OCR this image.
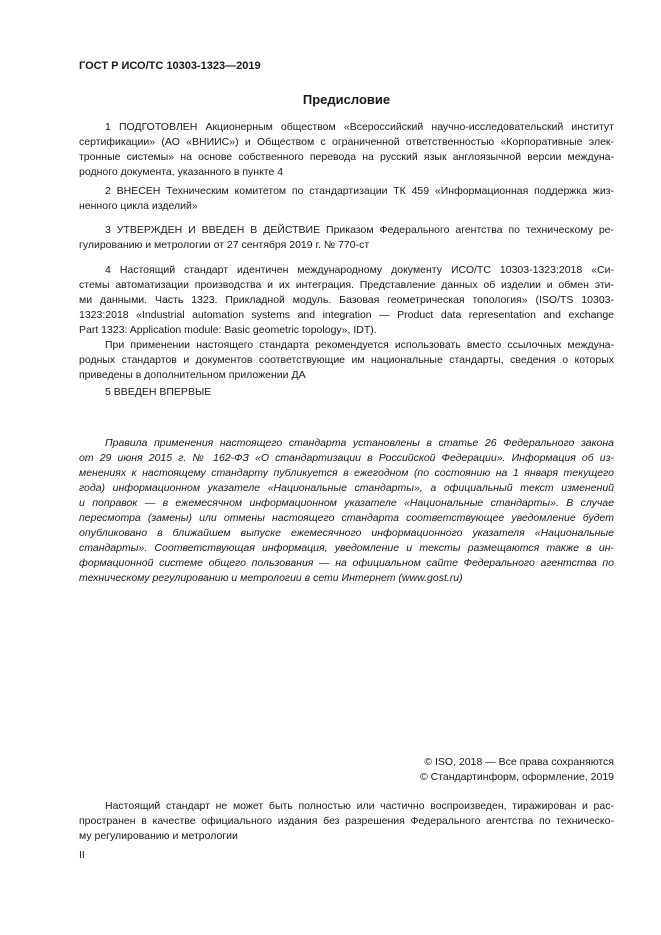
ГОСТ Р ИСО/ТС 10303-1323—2019
Предисловие
1 ПОДГОТОВЛЕН Акционерным обществом «Всероссийский научно-исследовательский институт
сертификации» (АО «ВНИИС») и Обществом с ограниченной ответственностью «Корпоративные элек-
тронные системы» на основе собственного перевода на русский язык англоязычной версии междуна-
родного документа, указанного в пункте 4
2 ВНЕСЕН Техническим комитетом по стандартизации ТК 459 «Информационная поддержка жиз-
ненного цикла изделий»
3 УТВЕРЖДЕН И ВВЕДЕН В ДЕЙСТВИЕ Приказом Федерального агентства по техническому ре-
гулированию и метрологии от 27 сентября 2019 г. № 770-ст
4 Настоящий стандарт идентичен международному документу ИСО/ТС 10303-1323:2018 «Си-
стемы автоматизации производства и их интеграция. Представление данных об изделии и обмен эти-
ми данными. Часть 1323. Прикладной модуль. Базовая геометрическая топология» (ISO/TS 10303-
1323:2018 «Industrial automation systems and integration — Product data representation and exchange
Part 1323: Application module: Basic geometric topology», IDT).
При применении настоящего стандарта рекомендуется использовать вместо ссылочных междуна-
родных стандартов и документов соответствующие им национальные стандарты, сведения о которых
приведены в дополнительном приложении ДА
5 ВВЕДЕН ВПЕРВЫЕ
Правила применения настоящего стандарта установлены в статье 26 Федерального закона
от 29 июня 2015 г. № 162-ФЗ «О стандартизации в Российской Федерации». Информация об из-
менениях к настоящему стандарту публикуется в ежегодном (по состоянию на 1 января текущего
года) информационном указателе «Национальные стандарты», а официальный текст изменений
и поправок — в ежемесячном информационном указателе «Национальные стандарты». В случае
пересмотра (замены) или отмены настоящего стандарта соответствующее уведомление будет
опубликовано в ближайшем выпуске ежемесячного информационного указателя «Национальные
стандарты». Соответствующая информация, уведомление и тексты размещаются также в ин-
формационной системе общего пользования — на официальном сайте Федерального агентства по
техническому регулированию и метрологии в сети Интернет (www.gost.ru)
© ISO, 2018 — Все права сохраняются
© Стандартинформ, оформление, 2019
Настоящий стандарт не может быть полностью или частично воспроизведен, тиражирован и рас-
пространен в качестве официального издания без разрешения Федерального агентства по техническо-
му регулированию и метрологии
II
